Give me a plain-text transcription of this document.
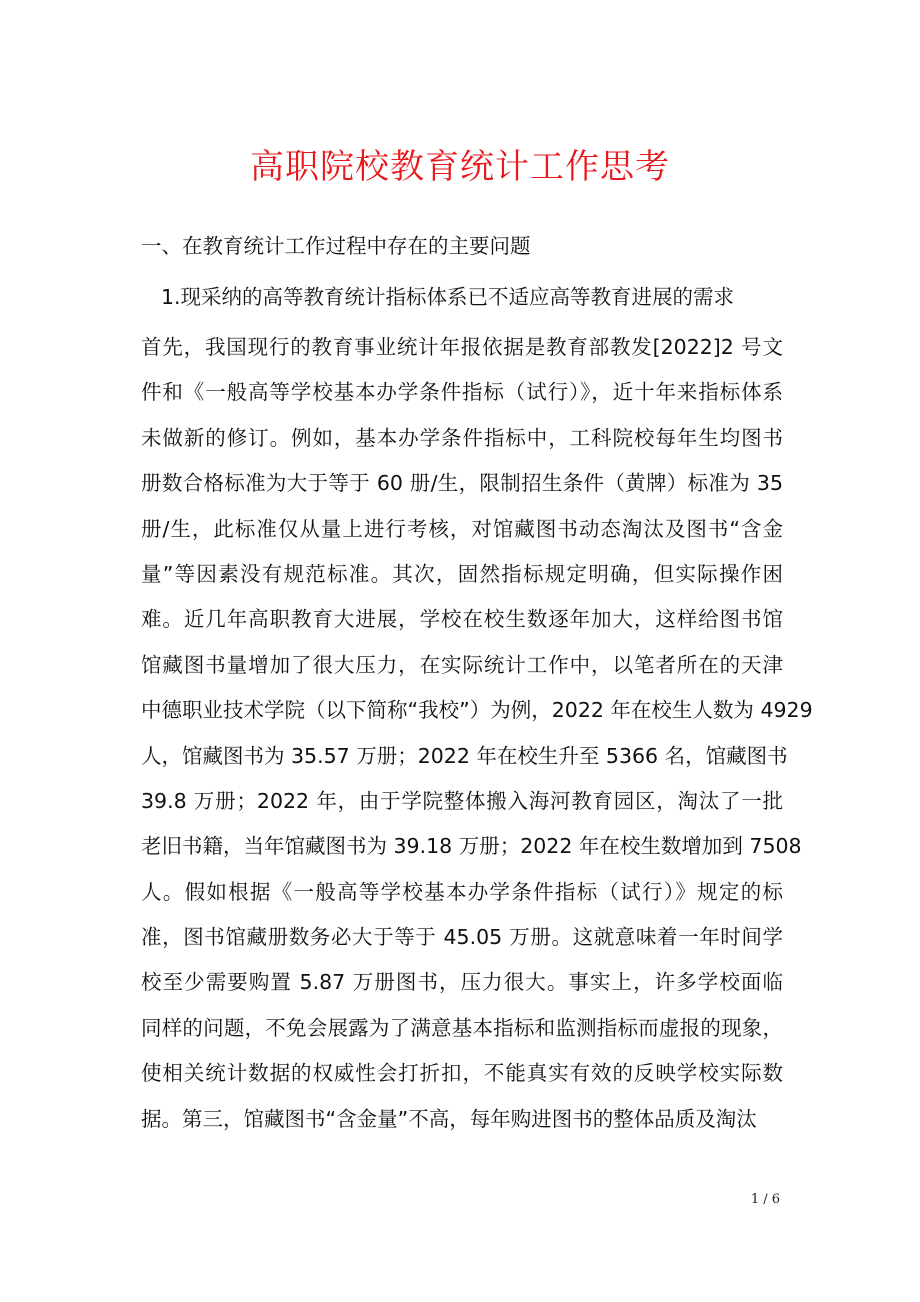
高职院校教育统计工作思考

一、在教育统计工作过程中存在的主要问题

1.现采纳的高等教育统计指标体系已不适应高等教育进展的需求

首先，我国现行的教育事业统计年报依据是教育部教发[2022]2 号文
件和《一般高等学校基本办学条件指标（试行）》，近十年来指标体系
未做新的修订。例如，基本办学条件指标中，工科院校每年生均图书
册数合格标准为大于等于 60 册/生，限制招生条件（黄牌）标准为 35
册/生，此标准仅从量上进行考核，对馆藏图书动态淘汰及图书“含金
量”等因素没有规范标准。其次，固然指标规定明确，但实际操作困
难。近几年高职教育大进展，学校在校生数逐年加大，这样给图书馆
馆藏图书量增加了很大压力，在实际统计工作中，以笔者所在的天津
中德职业技术学院（以下简称“我校”）为例，2022 年在校生人数为 4929
人，馆藏图书为 35.57 万册；2022 年在校生升至 5366 名，馆藏图书
39.8 万册；2022 年，由于学院整体搬入海河教育园区，淘汰了一批
老旧书籍，当年馆藏图书为 39.18 万册；2022 年在校生数增加到 7508
人。假如根据《一般高等学校基本办学条件指标（试行）》规定的标
准，图书馆藏册数务必大于等于 45.05 万册。这就意味着一年时间学
校至少需要购置 5.87 万册图书，压力很大。事实上，许多学校面临
同样的问题，不免会展露为了满意基本指标和监测指标而虚报的现象，
使相关统计数据的权威性会打折扣，不能真实有效的反映学校实际数
据。第三，馆藏图书“含金量”不高，每年购进图书的整体品质及淘汰
1 / 6
